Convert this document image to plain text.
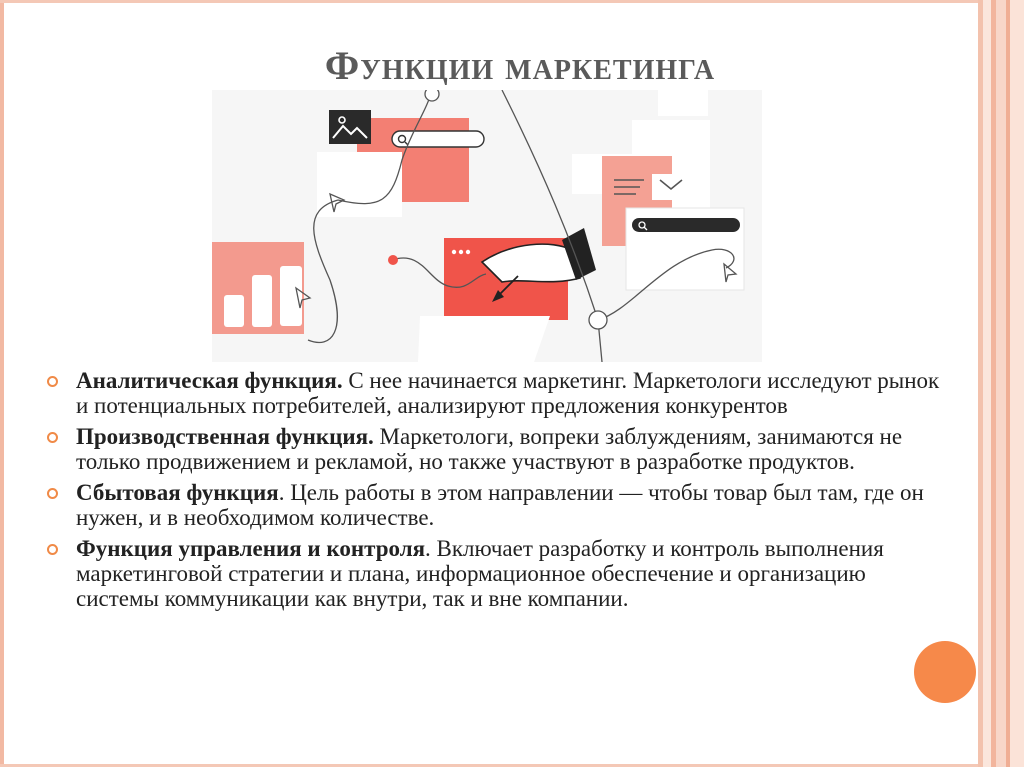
Функции маркетинга
Аналитическая функция. С нее начинается маркетинг. Маркетологи исследуют рынок и потенциальных потребителей, анализируют предложения конкурентов
Производственная функция. Маркетологи, вопреки заблуждениям, занимаются не только продвижением и рекламой, но также участвуют в разработке продуктов.
Сбытовая функция. Цель работы в этом направлении — чтобы товар был там, где он нужен, и в необходимом количестве.
Функция управления и контроля. Включает разработку и контроль выполнения маркетинговой стратегии и плана, информационное обеспечение и организацию системы коммуникации как внутри, так и вне компании.
